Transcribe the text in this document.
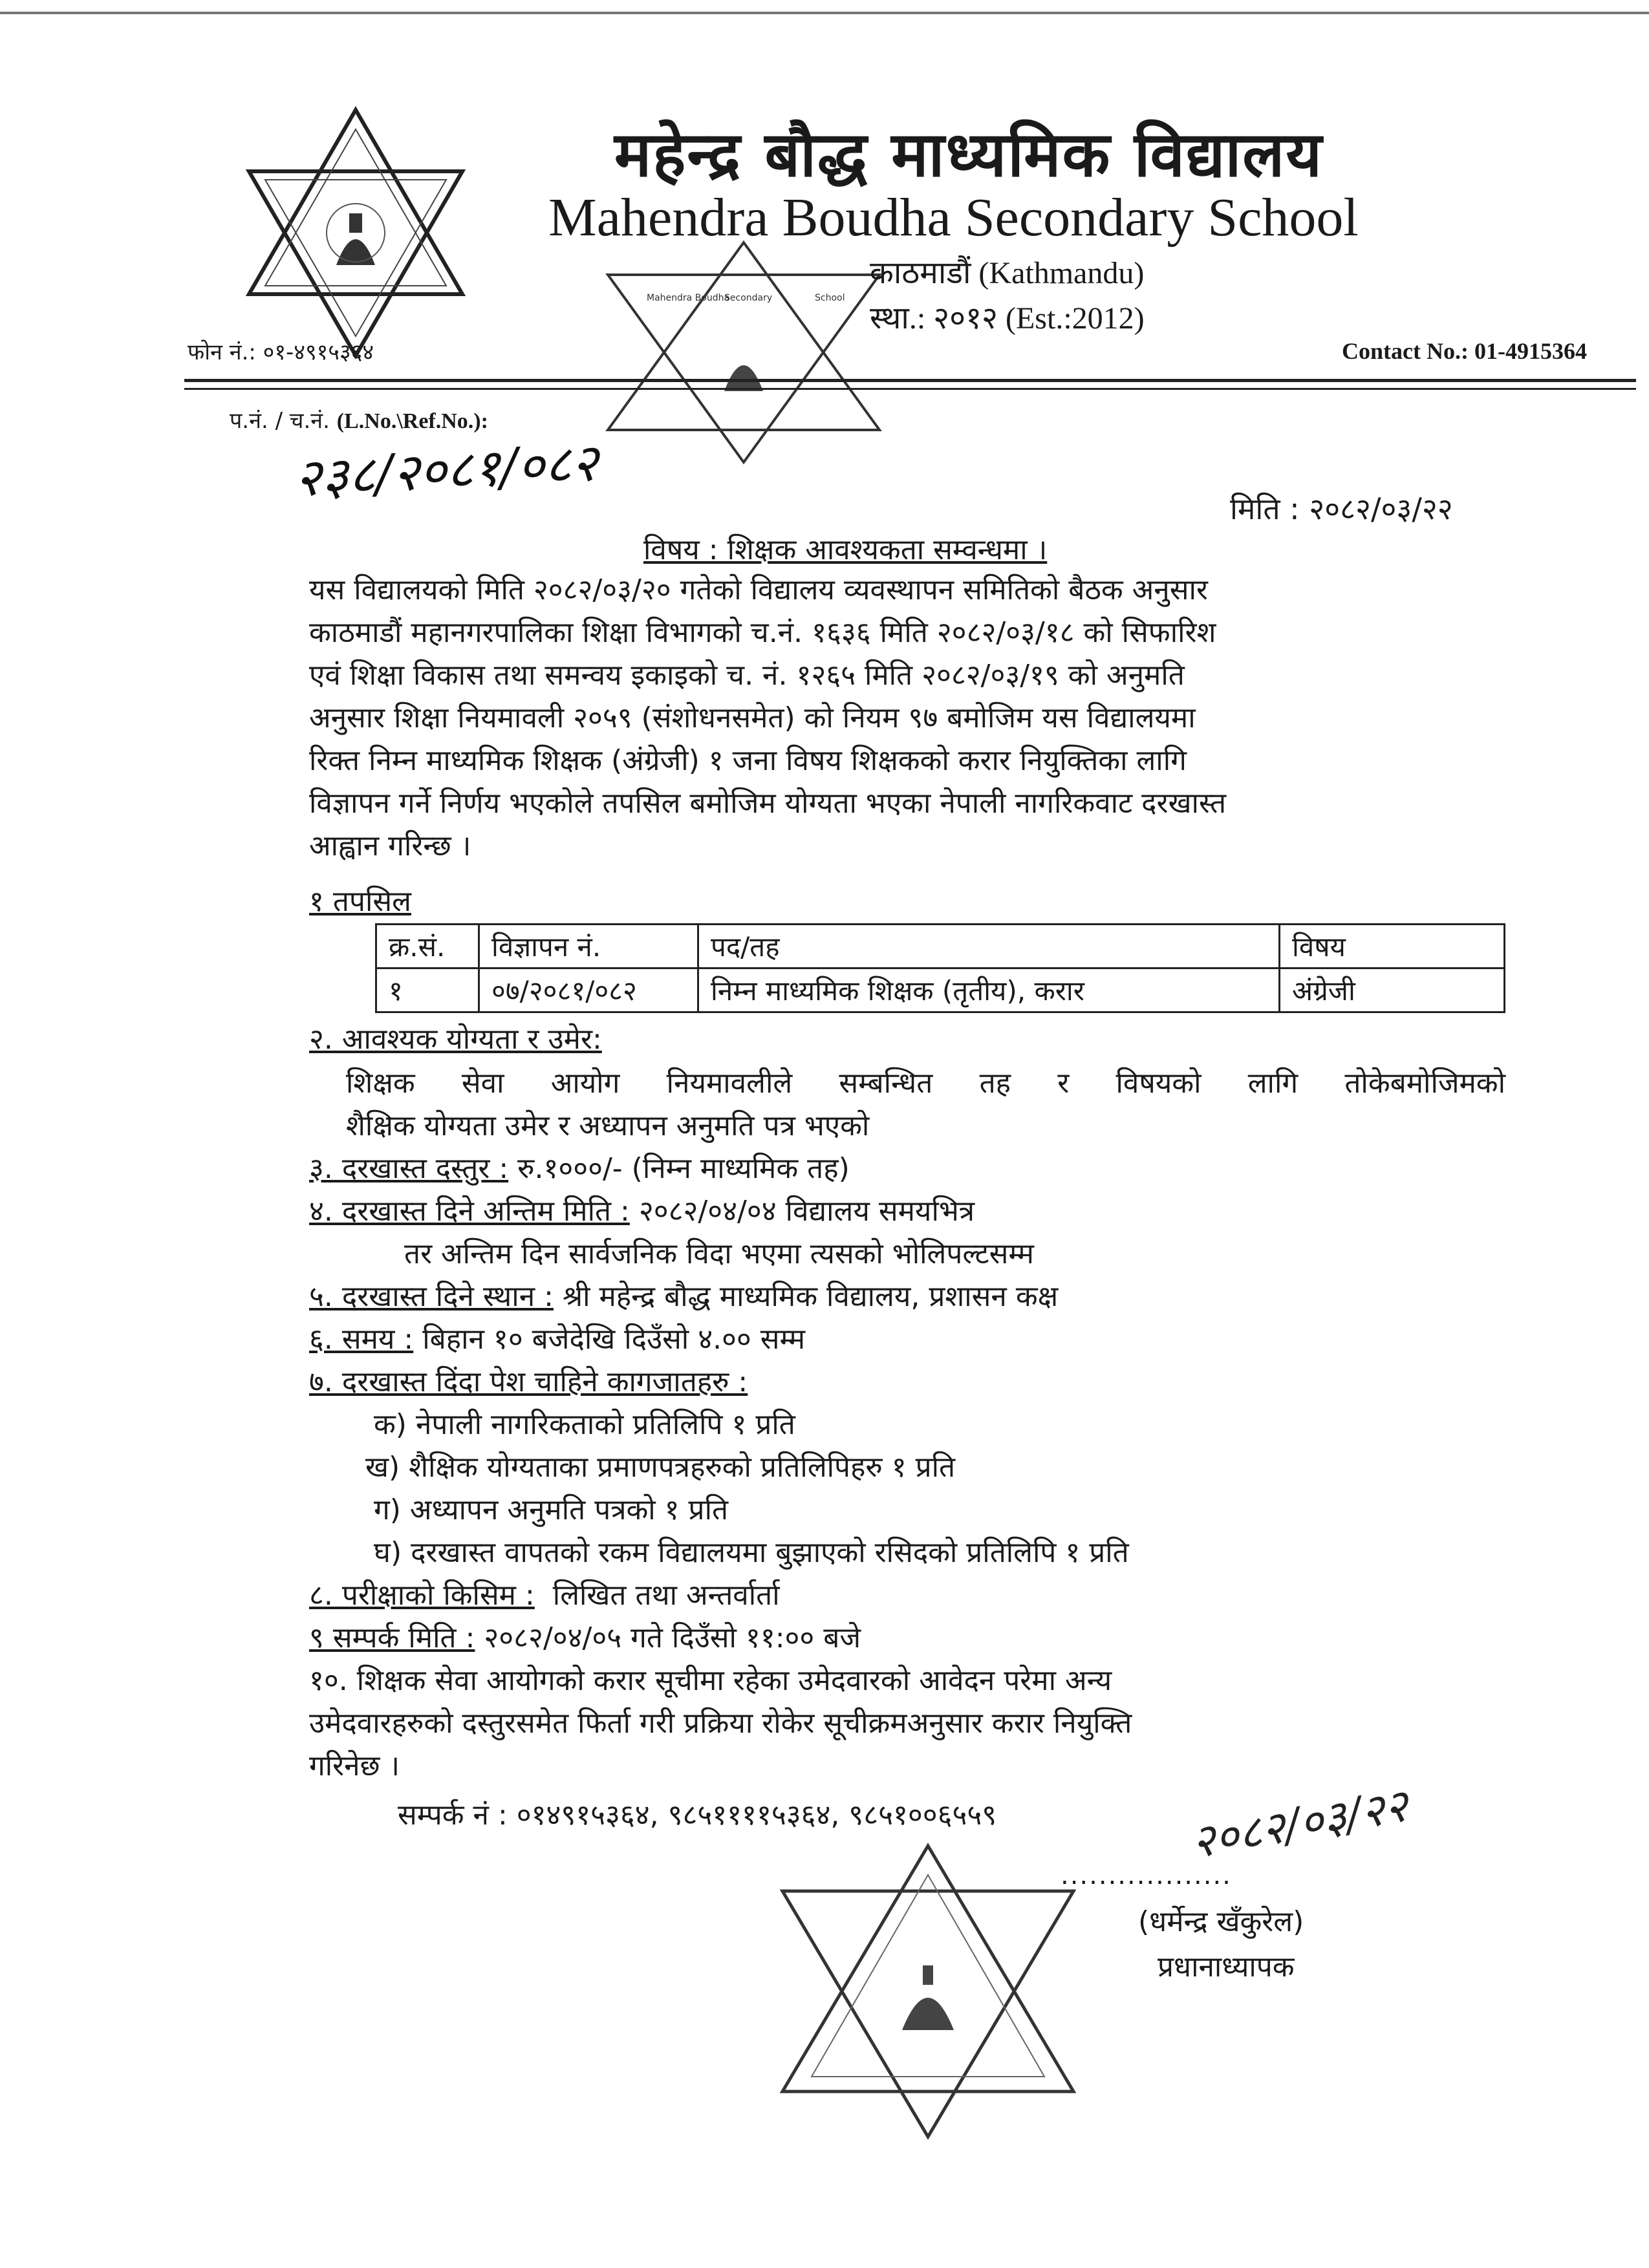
Mahendra Boudha
Secondary	School
महेन्द्र बौद्ध माध्यमिक विद्यालय
Mahendra Boudha Secondary School
काठमाडौं (Kathmandu)
स्था.: २०१२ (Est.:2012)
फोन नं.: ०१-४९१५३६४	Contact No.: 01-4915364
प.नं. / च.नं. (L.No.\Ref.No.):
२३८/२०८१/०८२
मिति : २०८२/०३/२२
विषय : शिक्षक आवश्यकता सम्वन्धमा ।
यस विद्यालयको मिति २०८२/०३/२० गतेको विद्यालय व्यवस्थापन समितिको बैठक अनुसार
काठमाडौं महानगरपालिका शिक्षा विभागको च.नं. १६३६ मिति २०८२/०३/१८ को सिफारिश
एवं शिक्षा विकास तथा समन्वय इकाइको च. नं. १२६५ मिति २०८२/०३/१९ को अनुमति
अनुसार शिक्षा नियमावली २०५९ (संशोधनसमेत) को नियम ९७ बमोजिम यस विद्यालयमा
रिक्त निम्न माध्यमिक शिक्षक (अंग्रेजी) १ जना विषय शिक्षकको करार नियुक्तिका लागि
विज्ञापन गर्ने निर्णय भएकोले तपसिल बमोजिम योग्यता भएका नेपाली नागरिकवाट दरखास्त
आह्वान गरिन्छ ।
१ तपसिल
क्र.सं.	विज्ञापन नं.	पद/तह	विषय
१	०७/२०८१/०८२	निम्न माध्यमिक शिक्षक (तृतीय), करार	अंग्रेजी
२. आवश्यक योग्यता र उमेर:
शिक्षक सेवा आयोग नियमावलीले सम्बन्धित तह र विषयको लागि तोकेबमोजिमको
शैक्षिक योग्यता उमेर र अध्यापन अनुमति पत्र भएको
३. दरखास्त दस्तुर : रु.१०००/- (निम्न माध्यमिक तह)
४. दरखास्त दिने अन्तिम मिति : २०८२/०४/०४ विद्यालय समयभित्र
तर अन्तिम दिन सार्वजनिक विदा भएमा त्यसको भोलिपल्टसम्म
५. दरखास्त दिने स्थान : श्री महेन्द्र बौद्ध माध्यमिक विद्यालय, प्रशासन कक्ष
६. समय : बिहान १० बजेदेखि दिउँसो ४.०० सम्म
७. दरखास्त दिंदा पेश चाहिने कागजातहरु :
क) नेपाली नागरिकताको प्रतिलिपि १ प्रति
ख) शैक्षिक योग्यताका प्रमाणपत्रहरुको प्रतिलिपिहरु १ प्रति
ग) अध्यापन अनुमति पत्रको १ प्रति
घ) दरखास्त वापतको रकम विद्यालयमा बुझाएको रसिदको प्रतिलिपि १ प्रति
८. परीक्षाको किसिम : लिखित तथा अन्तर्वार्ता
९ सम्पर्क मिति : २०८२/०४/०५ गते दिउँसो ११:०० बजे
१०. शिक्षक सेवा आयोगको करार सूचीमा रहेका उमेदवारको आवेदन परेमा अन्य
उमेदवारहरुको दस्तुरसमेत फिर्ता गरी प्रक्रिया रोकेर सूचीक्रमअनुसार करार नियुक्ति
गरिनेछ ।
सम्पर्क नं : ०१४९१५३६४, ९८५११११५३६४, ९८५१००६५५९	२०८२/०३/२२
..................
(धर्मेन्द्र खँकुरेल)
प्रधानाध्यापक
